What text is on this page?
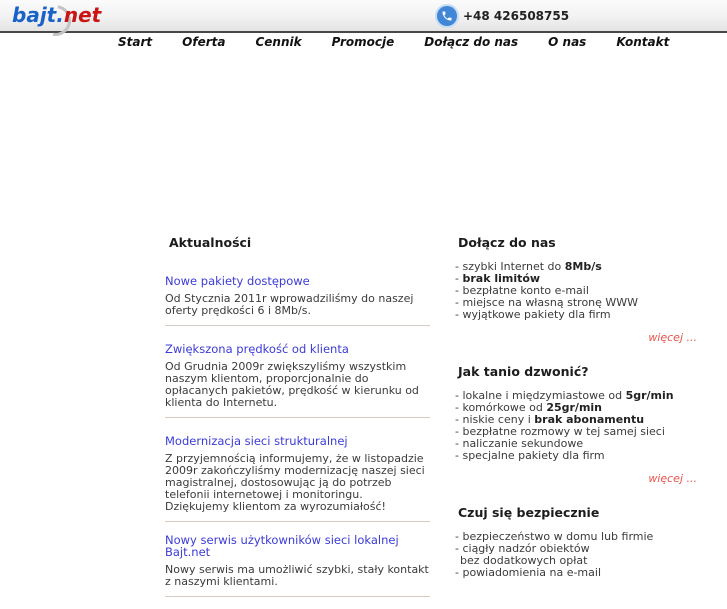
bajt.net	+48 426508755
Start	Oferta	Cennik	Promocje	Dołącz do nas	O nas	Kontakt
Aktualności
Nowe pakiety dostępowe

Od Stycznia 2011r wprowadziliśmy do naszej oferty prędkości 6 i 8Mb/s.

Zwiększona prędkość od klienta

Od Grudnia 2009r zwiększyliśmy wszystkim naszym klientom, proporcjonalnie do opłacanych pakietów, prędkość w kierunku od klienta do Internetu.

Modernizacja sieci strukturalnej

Z przyjemnością informujemy, że w listopadzie 2009r zakończyliśmy modernizację naszej sieci magistralnej, dostosowując ją do potrzeb telefonii internetowej i monitoringu. Dziękujemy klientom za wyrozumiałość!

Nowy serwis użytkowników sieci lokalnej Bajt.net

Nowy serwis ma umożliwić szybki, stały kontakt z naszymi klientami.

Dołącz do nas
- szybki Internet do 8Mb/s
- brak limitów
- bezpłatne konto e-mail
- miejsce na własną stronę WWW
- wyjątkowe pakiety dla firm
więcej ...
Jak tanio dzwonić?
- lokalne i międzymiastowe od 5gr/min
- komórkowe od 25gr/min
- niskie ceny i brak abonamentu
- bezpłatne rozmowy w tej samej sieci
- naliczanie sekundowe
- specjalne pakiety dla firm
więcej ...
Czuj się bezpiecznie
- bezpieczeństwo w domu lub firmie
- ciągły nadzór obiektów
bez dodatkowych opłat
- powiadomienia na e-mail
